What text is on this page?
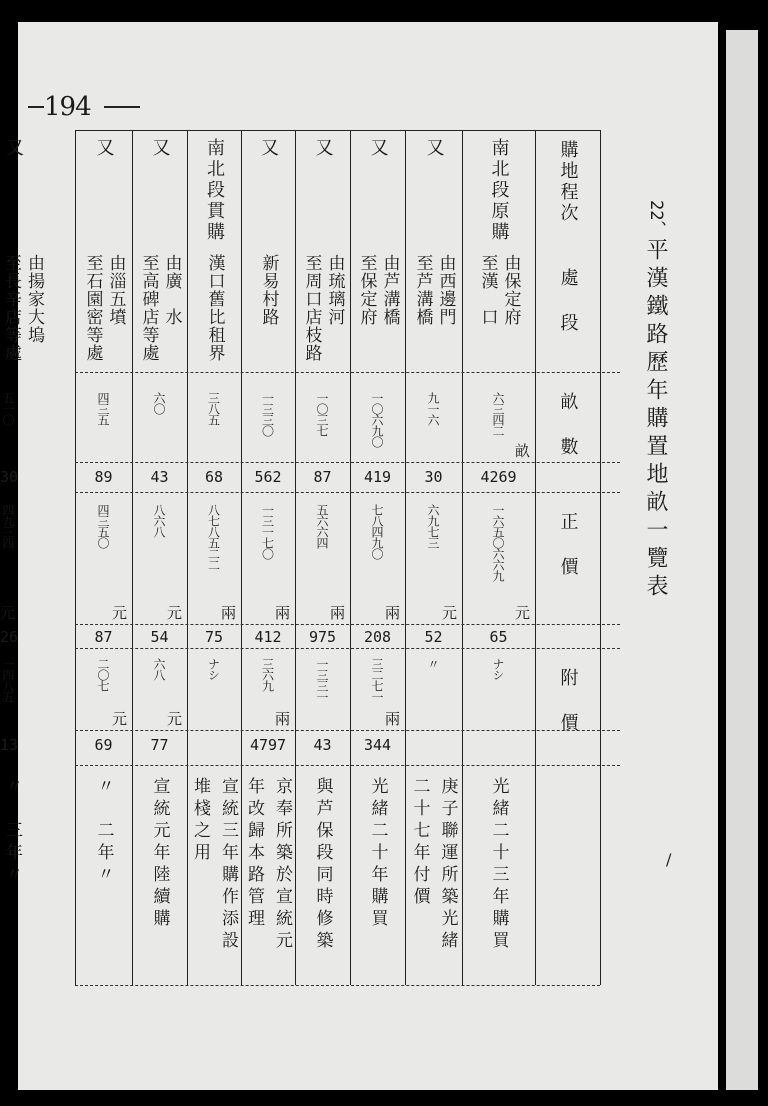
194
22、
平漢鐵路歷年購置地畝一覽表
購地程次
處 段
畝 數
正 價
附 價
南北段原購
由保定府
至漢　口
六三四二
畝
4269
一六五〇六六九
元
65
ナシ
光緒二十三年購買
又
由西邊門
至芦溝橋
九一六
30
六九七三
元
52
〃
庚子聯運所築光緒
二十七年付價
又
由芦溝橋
至保定府
一〇六九〇
419
七八四九〇
兩
208
三二七一
兩
344
光緒二十年購買
又
由琉璃河
至周口店枝路
一〇三七
87
五六六四
兩
975
一三三一
43
與芦保段同時修築
又
新易村路
一三三〇
562
一三一七〇
兩
412
三六九
兩
4797
京奉所築於宣統元
年改歸本路管理
南北段貫購
漢口舊比租界
三八五
68
八七八五二二
兩
75
ナシ
宣統三年購作添設
堆棧之用
又
由廣　水
至高碑店等處
六〇
43
八六八
元
54
六八
元
77
宣統元年陸續購
又
由淄五墳
至石園密等處
四三五
89
四三五〇
元
87
二〇七
元
69
〃　二年〃
又
由揚家大塢
至長辛店等處
五一〇
30
四九三四
元
26
一四八五
13
〃　三年〃	/
